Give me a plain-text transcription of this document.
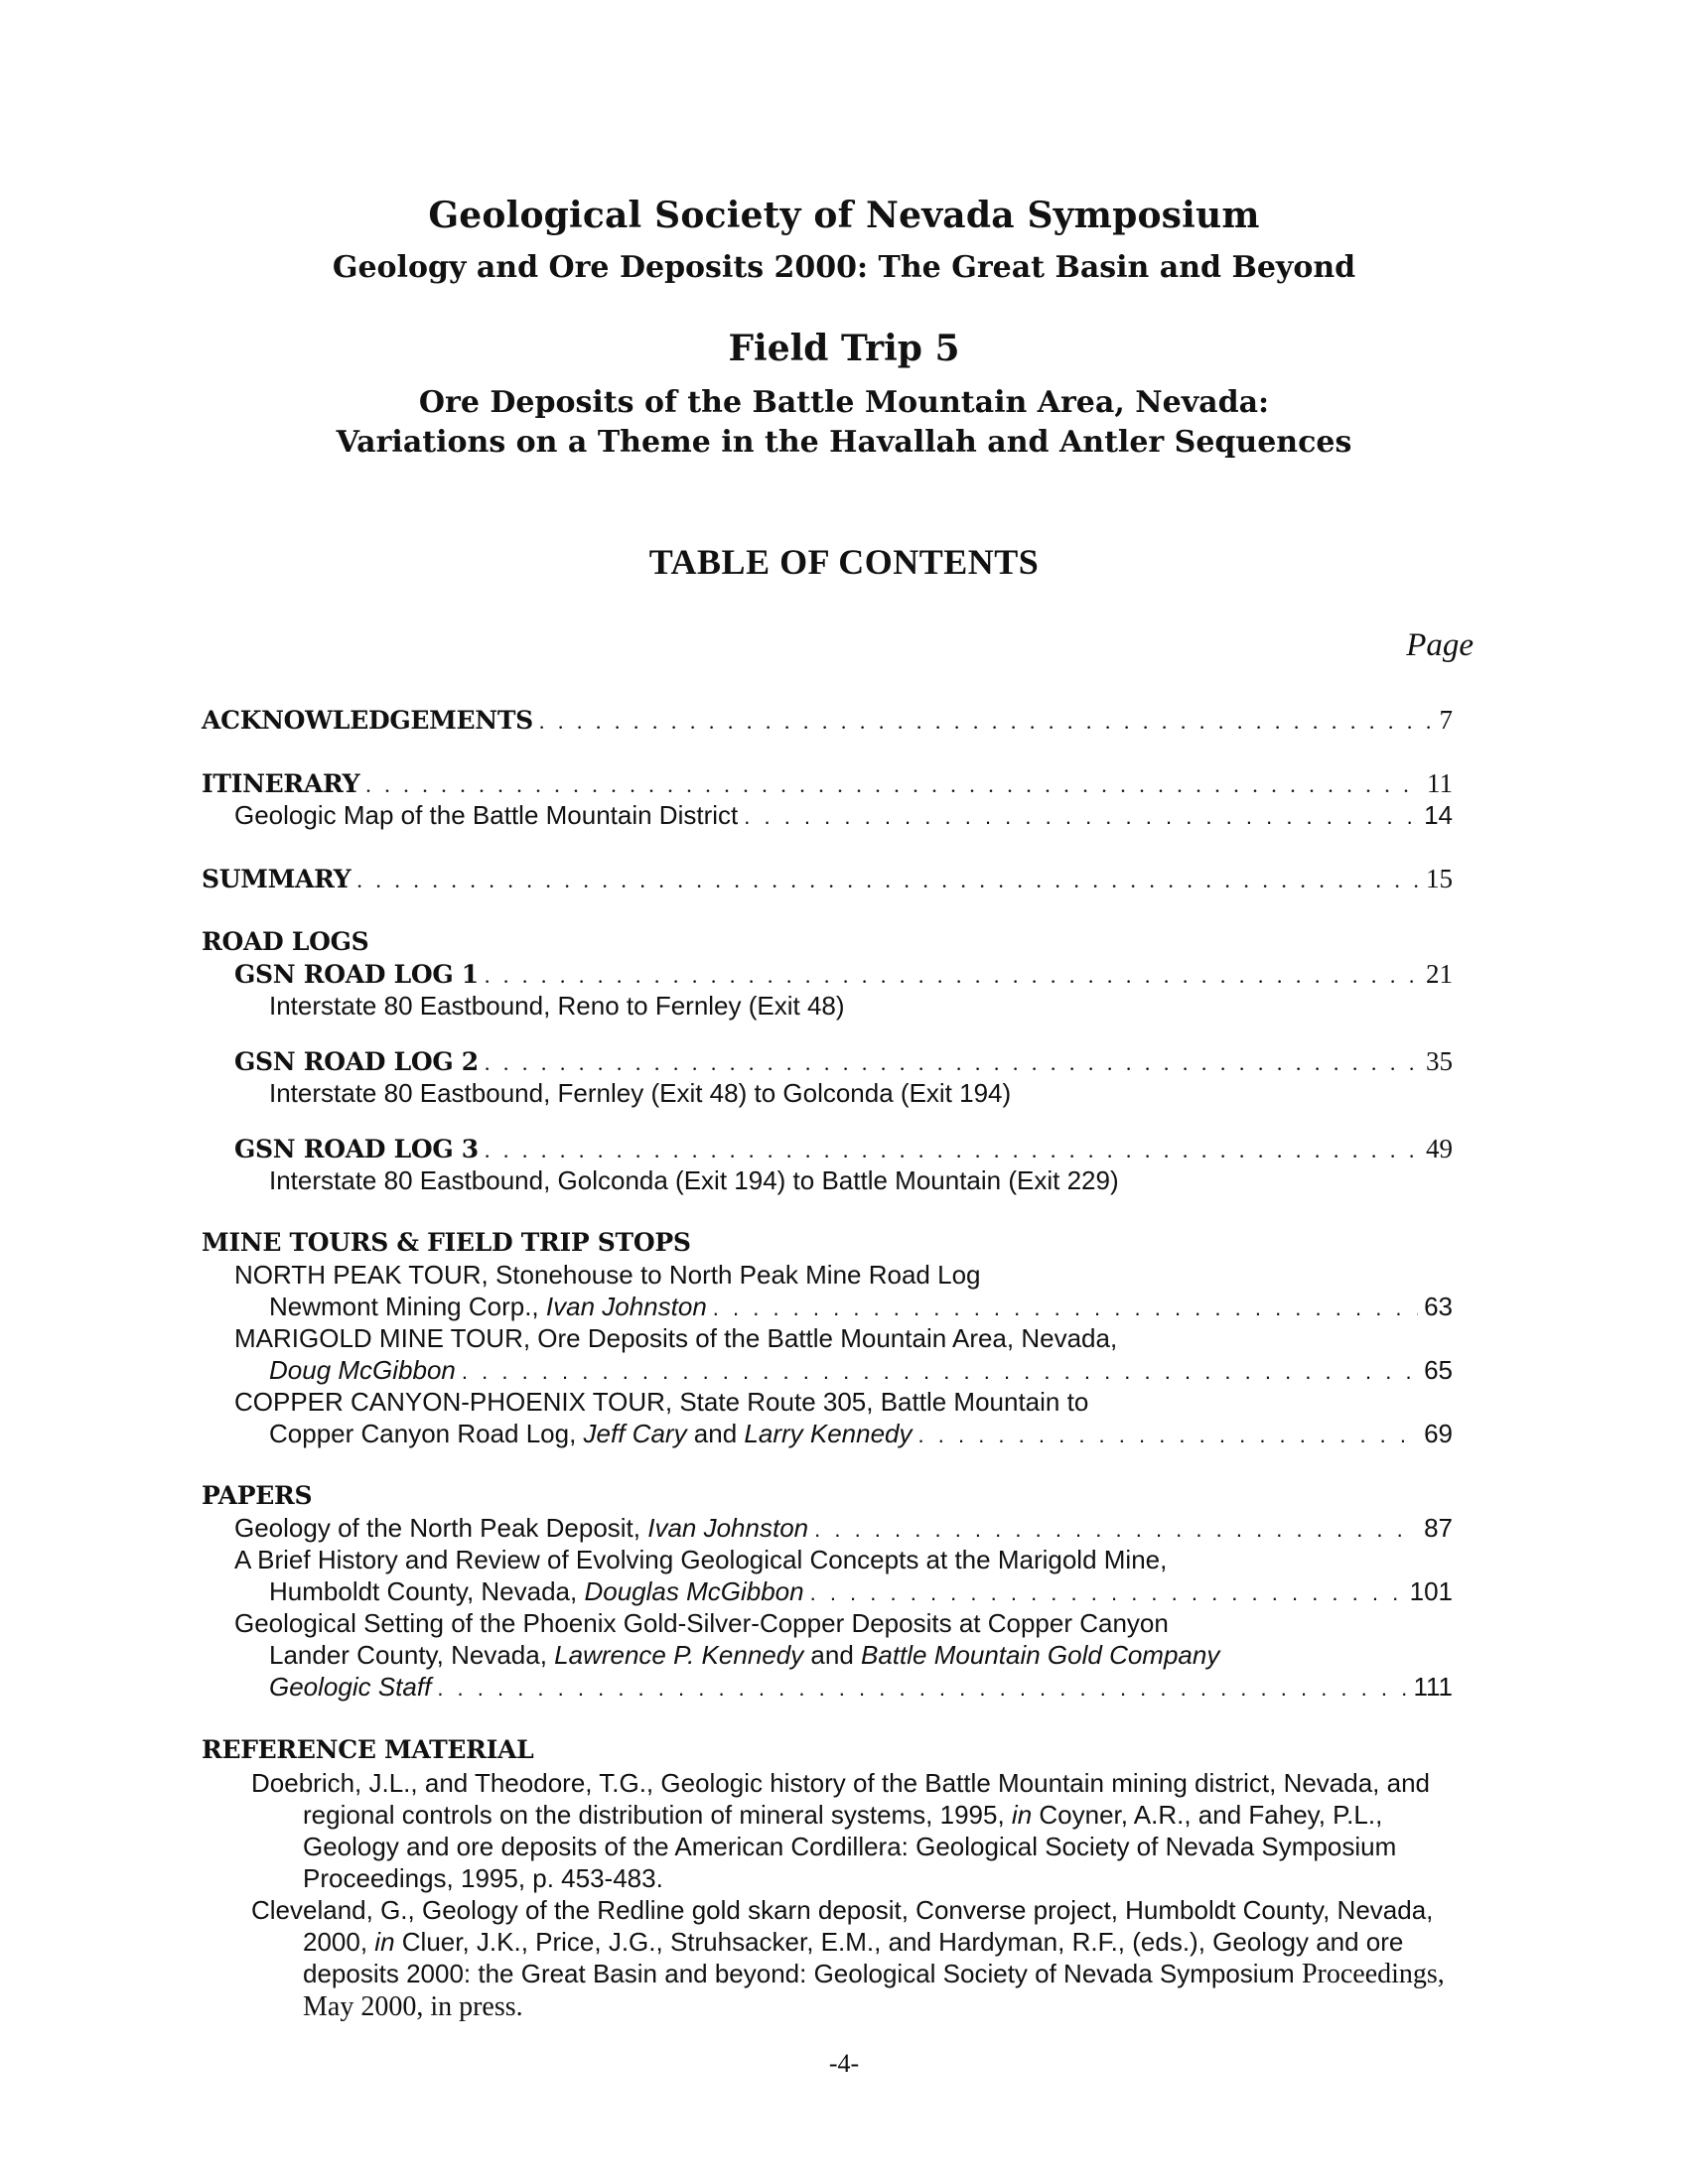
Geological Society of Nevada Symposium
Geology and Ore Deposits 2000: The Great Basin and Beyond
Field Trip 5
Ore Deposits of the Battle Mountain Area, Nevada:
Variations on a Theme in the Havallah and Antler Sequences
TABLE OF CONTENTS
Page
ACKNOWLEDGEMENTS . . .	7
ITINERARY . . .	11
Geologic Map of the Battle Mountain District . . .	14
SUMMARY . . .	15
ROAD LOGS
GSN ROAD LOG 1 . . .	21
Interstate 80 Eastbound, Reno to Fernley (Exit 48)
GSN ROAD LOG 2 . . .	35
Interstate 80 Eastbound, Fernley (Exit 48) to Golconda (Exit 194)
GSN ROAD LOG 3 . . .	49
Interstate 80 Eastbound, Golconda (Exit 194) to Battle Mountain (Exit 229)
MINE TOURS & FIELD TRIP STOPS
NORTH PEAK TOUR, Stonehouse to North Peak Mine Road Log
Newmont Mining Corp., Ivan Johnston . . .	63
MARIGOLD MINE TOUR, Ore Deposits of the Battle Mountain Area, Nevada,
Doug McGibbon . . .	65
COPPER CANYON-PHOENIX TOUR, State Route 305, Battle Mountain to
Copper Canyon Road Log, Jeff Cary and Larry Kennedy . . .	69
PAPERS
Geology of the North Peak Deposit, Ivan Johnston . . .	87
A Brief History and Review of Evolving Geological Concepts at the Marigold Mine,
Humboldt County, Nevada, Douglas McGibbon . . .	101
Geological Setting of the Phoenix Gold-Silver-Copper Deposits at Copper Canyon
Lander County, Nevada, Lawrence P. Kennedy and Battle Mountain Gold Company
Geologic Staff . . .	111
REFERENCE MATERIAL
Doebrich, J.L., and Theodore, T.G., Geologic history of the Battle Mountain mining district, Nevada, and regional controls on the distribution of mineral systems, 1995, in Coyner, A.R., and Fahey, P.L., Geology and ore deposits of the American Cordillera: Geological Society of Nevada Symposium Proceedings, 1995, p. 453-483.
Cleveland, G., Geology of the Redline gold skarn deposit, Converse project, Humboldt County, Nevada, 2000, in Cluer, J.K., Price, J.G., Struhsacker, E.M., and Hardyman, R.F., (eds.), Geology and ore deposits 2000: the Great Basin and beyond: Geological Society of Nevada Symposium Proceedings, May 2000, in press.
-4-
